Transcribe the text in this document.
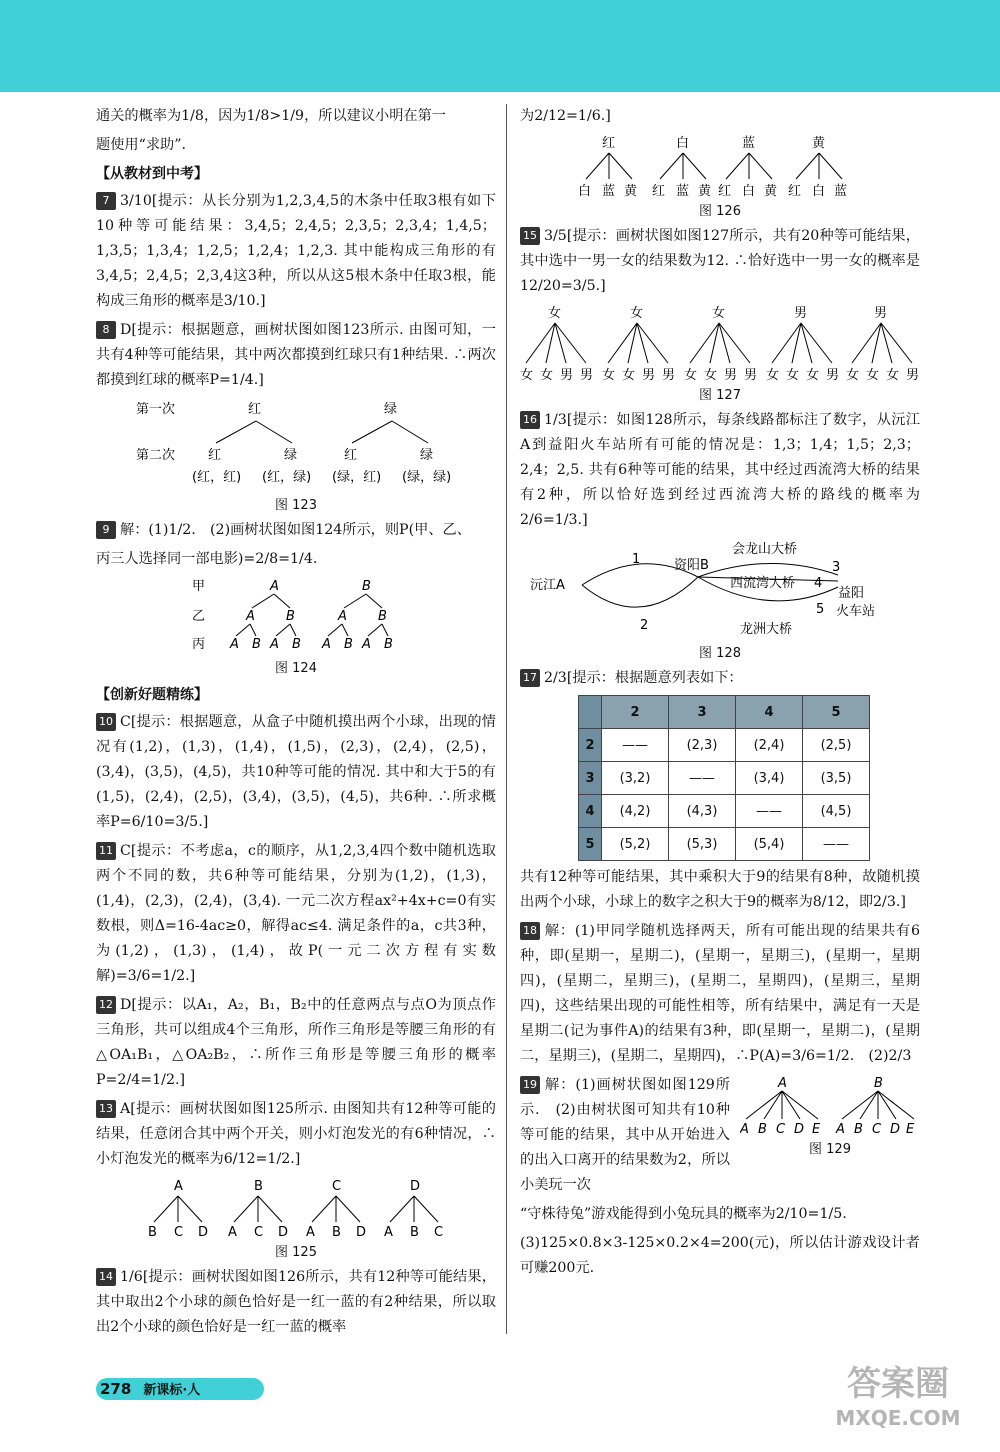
通关的概率为1/8，因为1/8>1/9，所以建议小明在第一

题使用“求助”.

【从教材到中考】

7 3/10[提示：从长分别为1,2,3,4,5的木条中任取3根有如下10种等可能结果：3,4,5；2,4,5；2,3,5；2,3,4；1,4,5；1,3,5；1,3,4；1,2,5；1,2,4；1,2,3. 其中能构成三角形的有3,4,5；2,4,5；2,3,4这3种，所以从这5根木条中任取3根，能构成三角形的概率是3/10.]

8 D[提示：根据题意，画树状图如图123所示. 由图可知，一共有4种等可能结果，其中两次都摸到红球只有1种结果. ∴两次都摸到红球的概率P=1/4.]

第一次	红	绿
第二次	红	绿	红	绿
(红，红) (红，绿) (绿，红) (绿，绿)
图 123

9 解：(1)1/2.　(2)画树状图如图124所示，则P(甲、乙、

丙三人选择同一部电影)=2/8=1/4.

甲
乙
丙
A	B
A B	A B
A B A B A B A B
图 124
【创新好题精练】

10 C[提示：根据题意，从盒子中随机摸出两个小球，出现的情况有(1,2)，(1,3)，(1,4)，(1,5)，(2,3)，(2,4)，(2,5)，(3,4)，(3,5)，(4,5)，共10种等可能的情况. 其中和大于5的有(1,5)，(2,4)，(2,5)，(3,4)，(3,5)，(4,5)，共6种. ∴所求概率P=6/10=3/5.]

11 C[提示：不考虑a，c的顺序，从1,2,3,4四个数中随机选取两个不同的数，共6种等可能结果，分别为(1,2)，(1,3)，(1,4)，(2,3)，(2,4)，(3,4). 一元二次方程ax²+4x+c=0有实数根，则Δ=16-4ac≥0，解得ac≤4. 满足条件的a，c共3种，为(1,2)，(1,3)，(1,4)，故P(一元二次方程有实数解)=3/6=1/2.]

12 D[提示：以A₁，A₂，B₁，B₂中的任意两点与点O为顶点作三角形，共可以组成4个三角形，所作三角形是等腰三角形的有△OA₁B₁，△OA₂B₂，∴所作三角形是等腰三角形的概率P=2/4=1/2.]

13 A[提示：画树状图如图125所示. 由图知共有12种等可能的结果，任意闭合其中两个开关，则小灯泡发光的有6种情况，∴小灯泡发光的概率为6/12=1/2.]

A	B	C	D
B C D A C D A B D A B C
图 125

14 1/6[提示：画树状图如图126所示，共有12种等可能结果，其中取出2个小球的颜色恰好是一红一蓝的有2种结果，所以取出2个小球的颜色恰好是一红一蓝的概率

为2/12=1/6.]

红	白	蓝	黄
白 蓝 黄 红 蓝 黄 红 白 黄 红 白 蓝
图 126

15 3/5[提示：画树状图如图127所示，共有20种等可能结果，其中选中一男一女的结果数为12. ∴恰好选中一男一女的概率是12/20=3/5.]

女	女	女	男	男
女 女 男 男 女 女 男 男 女 女 男 男 女 女 女 男 女 女 女 男
图 127

16 1/3[提示：如图128所示，每条线路都标注了数字，从沅江A到益阳火车站所有可能的情况是：1,3；1,4；1,5；2,3；2,4；2,5. 共有6种等可能的结果，其中经过西流湾大桥的结果有2种，所以恰好选到经过西流湾大桥的路线的概率为2/6=1/3.]

沅江A
资阳B
会龙山大桥
西流湾大桥
龙洲大桥
益阳
火车站
1
2
3
4
5
图 128

17 2/3[提示：根据题意列表如下：

	2	3	4	5
2	——	(2,3)	(2,4)	(2,5)
3	(3,2)	——	(3,4)	(3,5)
4	(4,2)	(4,3)	——	(4,5)
5	(5,2)	(5,3)	(5,4)	——

共有12种等可能结果，其中乘积大于9的结果有8种，故随机摸出两个小球，小球上的数字之积大于9的概率为8/12，即2/3.]

18 解：(1)甲同学随机选择两天，所有可能出现的结果共有6种，即(星期一，星期二)，(星期一，星期三)，(星期一，星期四)，(星期二，星期三)，(星期二，星期四)，(星期三，星期四)，这些结果出现的可能性相等，所有结果中，满足有一天是星期二(记为事件A)的结果有3种，即(星期一，星期二)，(星期二，星期三)，(星期二，星期四)，∴P(A)=3/6=1/2.　(2)2/3

19 解：(1)画树状图如图129所示.　(2)由树状图可知共有10种等可能的结果，其中从开始进入的出入口离开的结果数为2，所以小美玩一次
A	B
A B C D E A B C D E
图 129

“守株待兔”游戏能得到小兔玩具的概率为2/10=1/5.

(3)125×0.8×3-125×0.2×4=200(元)，所以估计游戏设计者可赚200元.

278 新课标·人	答案圈
MXQE.COM
